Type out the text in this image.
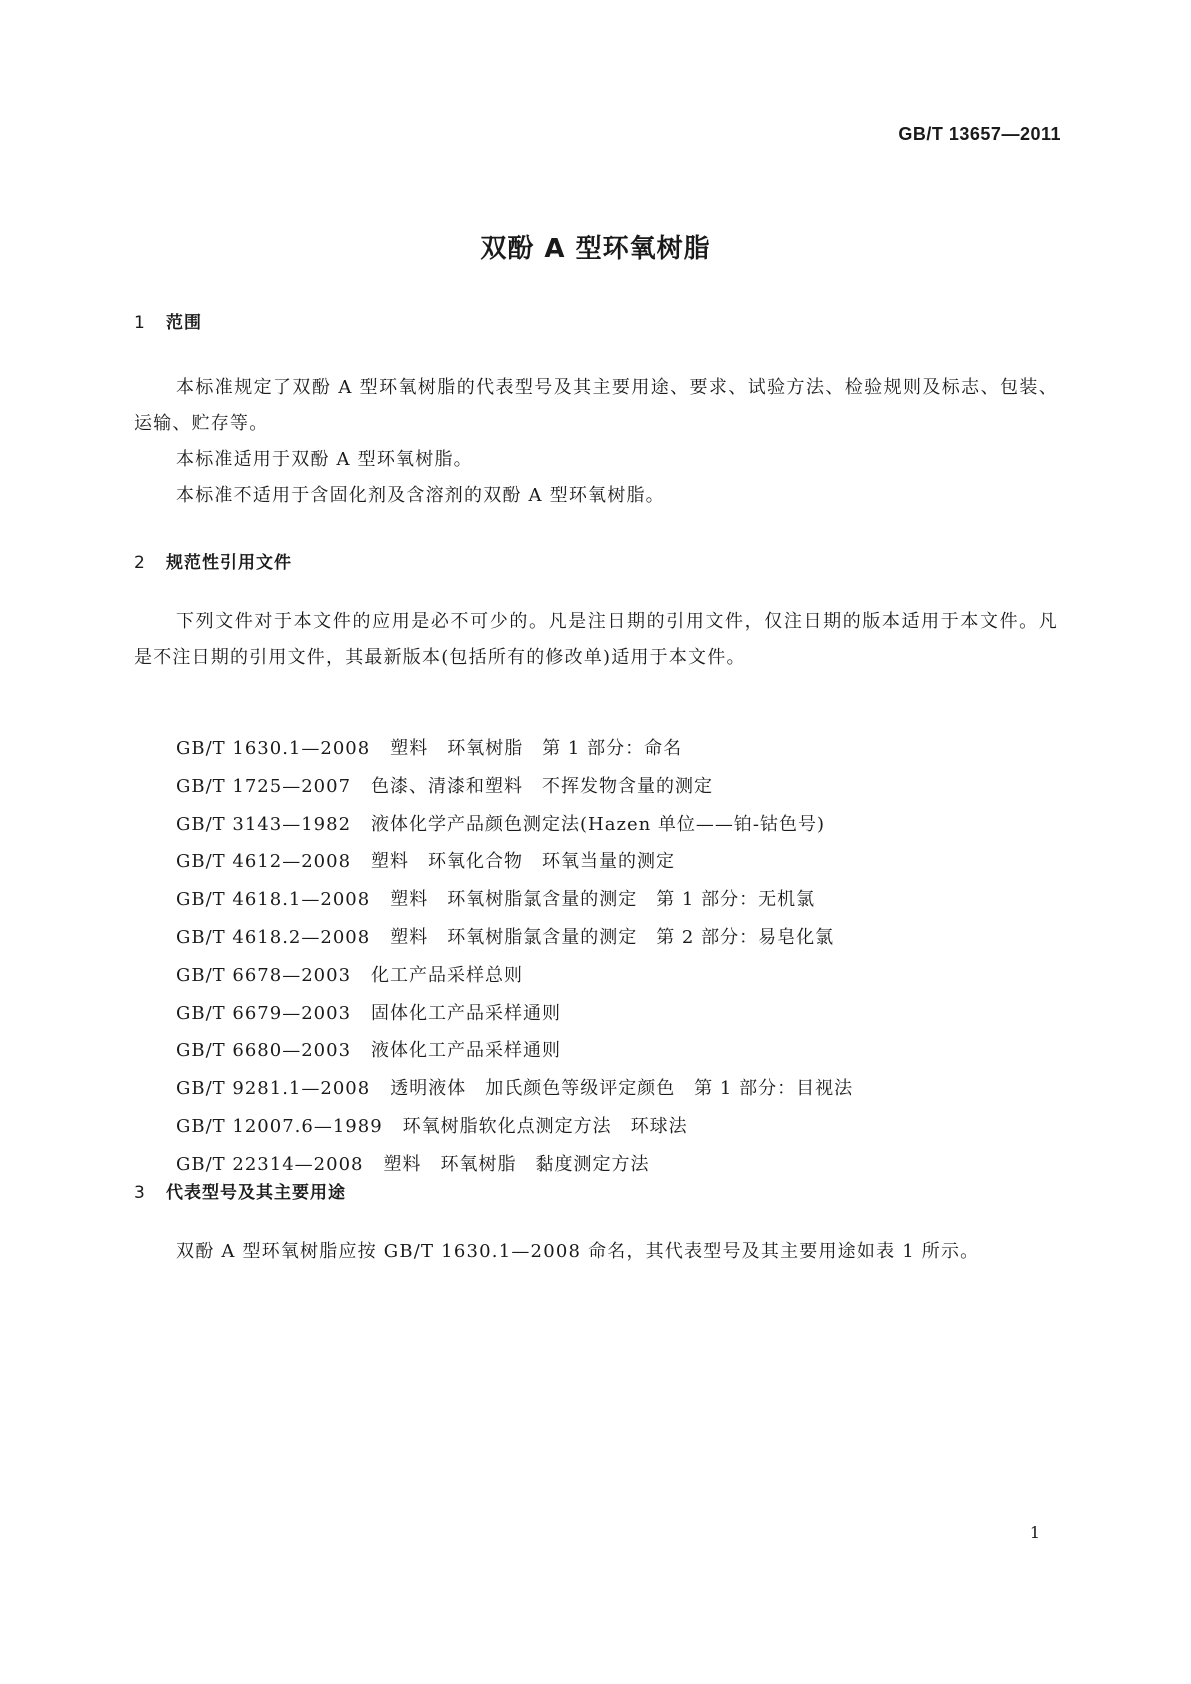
GB/T 13657—2011
双酚 A 型环氧树脂
1 范围
本标准规定了双酚 A 型环氧树脂的代表型号及其主要用途、要求、试验方法、检验规则及标志、包装、运输、贮存等。
本标准适用于双酚 A 型环氧树脂。
本标准不适用于含固化剂及含溶剂的双酚 A 型环氧树脂。
2 规范性引用文件
下列文件对于本文件的应用是必不可少的。凡是注日期的引用文件，仅注日期的版本适用于本文件。凡是不注日期的引用文件，其最新版本(包括所有的修改单)适用于本文件。
GB/T 1630.1—2008 塑料　环氧树脂　第 1 部分：命名
GB/T 1725—2007 色漆、清漆和塑料　不挥发物含量的测定
GB/T 3143—1982 液体化学产品颜色测定法(Hazen 单位——铂-钴色号)
GB/T 4612—2008 塑料　环氧化合物　环氧当量的测定
GB/T 4618.1—2008 塑料　环氧树脂氯含量的测定　第 1 部分：无机氯
GB/T 4618.2—2008 塑料　环氧树脂氯含量的测定　第 2 部分：易皂化氯
GB/T 6678—2003 化工产品采样总则
GB/T 6679—2003 固体化工产品采样通则
GB/T 6680—2003 液体化工产品采样通则
GB/T 9281.1—2008 透明液体　加氏颜色等级评定颜色　第 1 部分：目视法
GB/T 12007.6—1989 环氧树脂软化点测定方法　环球法
GB/T 22314—2008 塑料　环氧树脂　黏度测定方法
3 代表型号及其主要用途
双酚 A 型环氧树脂应按 GB/T 1630.1—2008 命名，其代表型号及其主要用途如表 1 所示。
1
